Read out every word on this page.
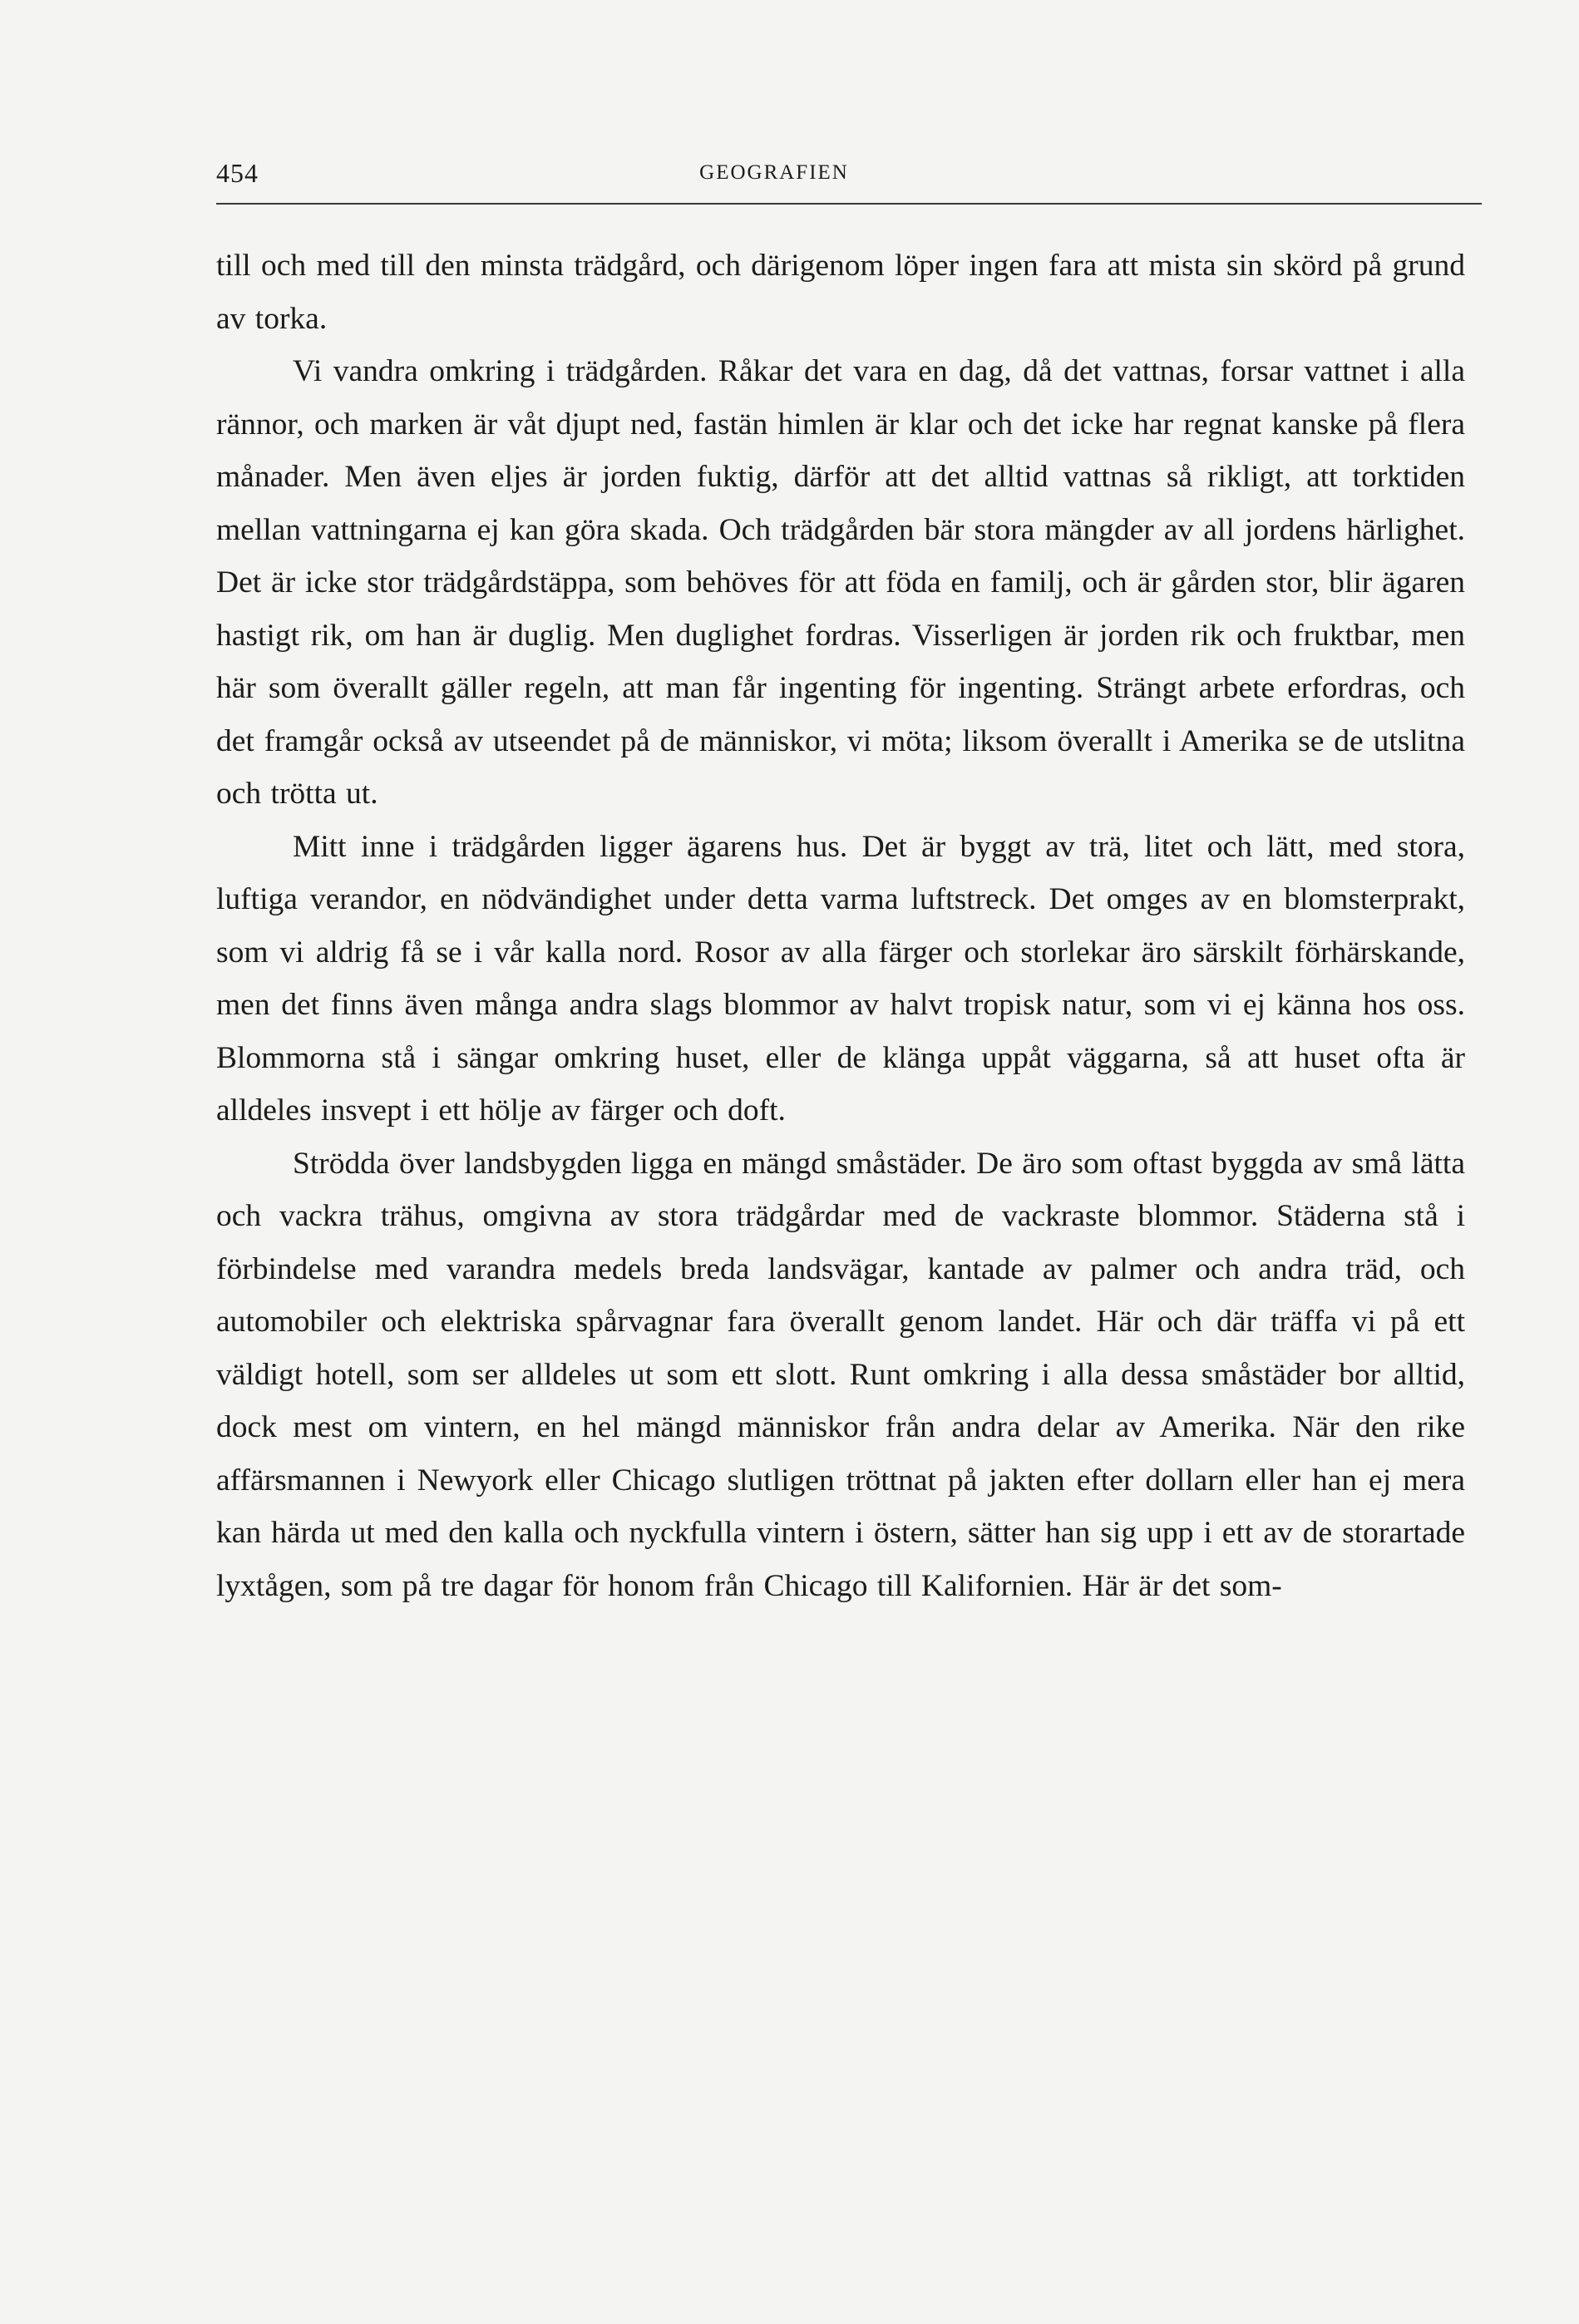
454	GEOGRAFIEN

till och med till den minsta trädgård, och därigenom löper ingen fara att mista sin skörd på grund av torka.

Vi vandra omkring i trädgården. Råkar det vara en dag, då det vattnas, forsar vattnet i alla rännor, och marken är våt djupt ned, fastän himlen är klar och det icke har regnat kanske på flera månader. Men även eljes är jorden fuktig, därför att det alltid vattnas så rikligt, att torktiden mellan vattningarna ej kan göra skada. Och trädgården bär stora mängder av all jordens härlighet. Det är icke stor trädgårdstäppa, som behöves för att föda en familj, och är gården stor, blir ägaren hastigt rik, om han är duglig. Men duglighet fordras. Visserligen är jorden rik och fruktbar, men här som överallt gäller regeln, att man får ingenting för ingenting. Strängt arbete erfordras, och det framgår också av utseendet på de människor, vi möta; liksom överallt i Amerika se de utslitna och trötta ut.

Mitt inne i trädgården ligger ägarens hus. Det är byggt av trä, litet och lätt, med stora, luftiga verandor, en nödvändighet under detta varma luftstreck. Det omges av en blomsterprakt, som vi aldrig få se i vår kalla nord. Rosor av alla färger och storlekar äro särskilt förhärskande, men det finns även många andra slags blommor av halvt tropisk natur, som vi ej känna hos oss. Blommorna stå i sängar omkring huset, eller de klänga uppåt väggarna, så att huset ofta är alldeles insvept i ett hölje av färger och doft.

Strödda över landsbygden ligga en mängd småstäder. De äro som oftast byggda av små lätta och vackra trähus, omgivna av stora trädgårdar med de vackraste blommor. Städerna stå i förbindelse med varandra medels breda landsvägar, kantade av palmer och andra träd, och automobiler och elektriska spårvagnar fara överallt genom landet. Här och där träffa vi på ett väldigt hotell, som ser alldeles ut som ett slott. Runt omkring i alla dessa småstäder bor alltid, dock mest om vintern, en hel mängd människor från andra delar av Amerika. När den rike affärsmannen i Newyork eller Chicago slutligen tröttnat på jakten efter dollarn eller han ej mera kan härda ut med den kalla och nyckfulla vintern i östern, sätter han sig upp i ett av de storartade lyxtågen, som på tre dagar för honom från Chicago till Kalifornien. Här är det som-
